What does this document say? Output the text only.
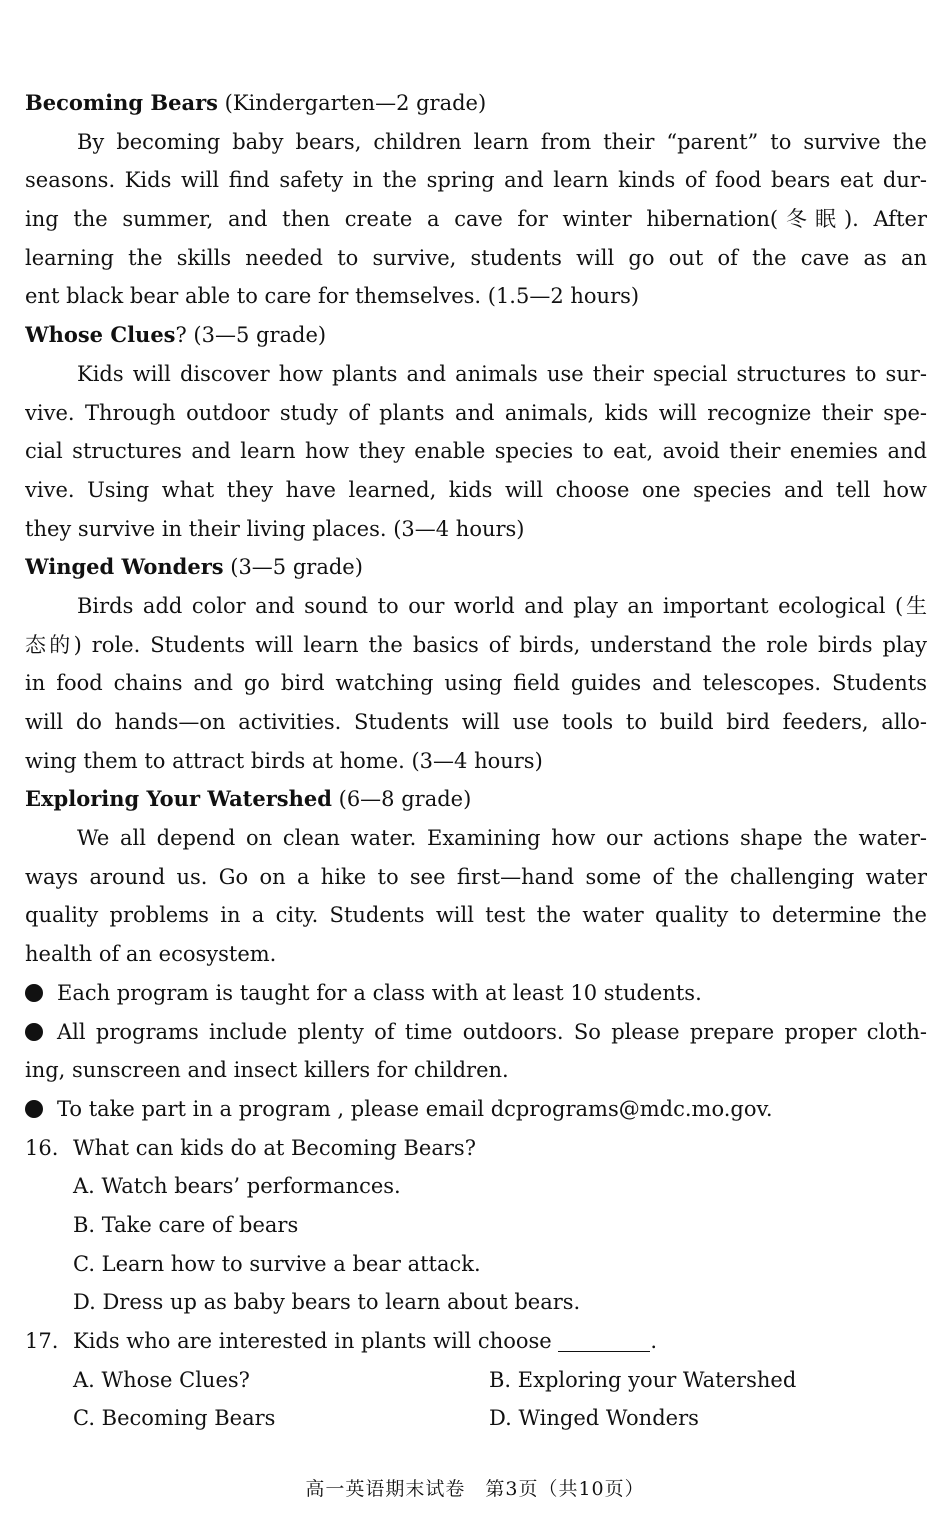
Becoming Bears (Kindergarten—2 grade)
By becoming baby bears, children learn from their “parent” to survive the
seasons. Kids will find safety in the spring and learn kinds of food bears eat dur-
ing the summer, and then create a cave for winter hibernation(冬眠). After
learning the skills needed to survive, students will go out of the cave as an
ent black bear able to care for themselves. (1.5—2 hours)
Whose Clues? (3—5 grade)
Kids will discover how plants and animals use their special structures to sur-
vive. Through outdoor study of plants and animals, kids will recognize their spe-
cial structures and learn how they enable species to eat, avoid their enemies and
vive. Using what they have learned, kids will choose one species and tell how
they survive in their living places. (3—4 hours)
Winged Wonders (3—5 grade)
Birds add color and sound to our world and play an important ecological (生
态的) role. Students will learn the basics of birds, understand the role birds play
in food chains and go bird watching using field guides and telescopes. Students
will do hands—on activities. Students will use tools to build bird feeders, allo-
wing them to attract birds at home. (3—4 hours)
Exploring Your Watershed (6—8 grade)
We all depend on clean water. Examining how our actions shape the water-
ways around us. Go on a hike to see first—hand some of the challenging water
quality problems in a city. Students will test the water quality to determine the
health of an ecosystem.
Each program is taught for a class with at least 10 students.
All programs include plenty of time outdoors. So please prepare proper cloth-
ing, sunscreen and insect killers for children.
To take part in a program , please email dcprograms@mdc.mo.gov.
16. What can kids do at Becoming Bears?
A. Watch bears’ performances.
B. Take care of bears
C. Learn how to survive a bear attack.
D. Dress up as baby bears to learn about bears.
17. Kids who are interested in plants will choose	.
A. Whose Clues?	B. Exploring your Watershed
C. Becoming Bears	D. Winged Wonders
高一英语期末试卷　第3页（共10页）
